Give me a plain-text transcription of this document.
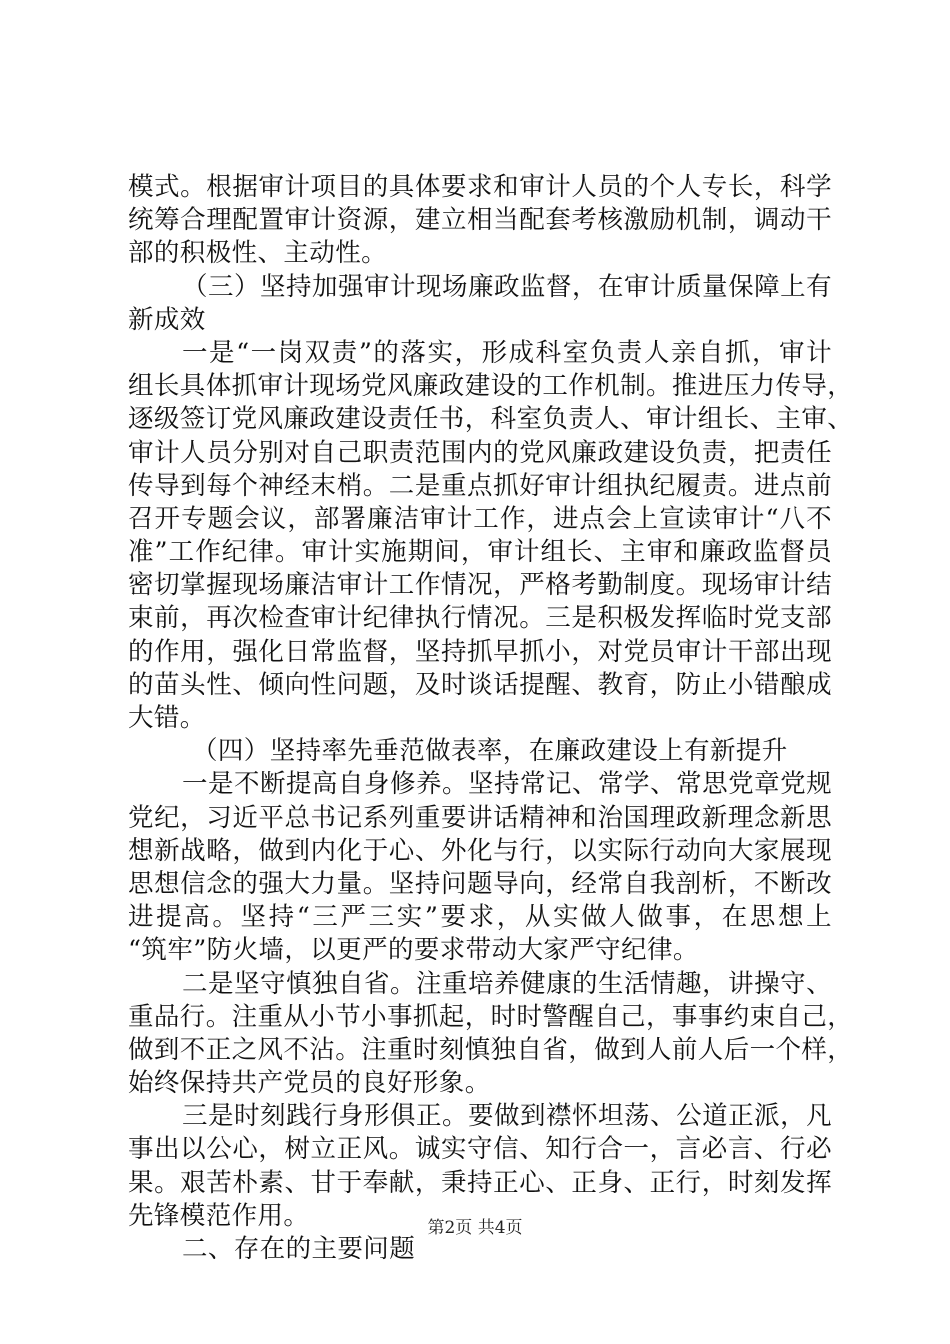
模式。根据审计项目的具体要求和审计人员的个人专长，科学
统筹合理配置审计资源，建立相当配套考核激励机制，调动干
部的积极性、主动性。
（三）坚持加强审计现场廉政监督，在审计质量保障上有
新成效
一是“一岗双责”的落实，形成科室负责人亲自抓，审计
组长具体抓审计现场党风廉政建设的工作机制。推进压力传导，
逐级签订党风廉政建设责任书，科室负责人、审计组长、主审、
审计人员分别对自己职责范围内的党风廉政建设负责，把责任
传导到每个神经末梢。二是重点抓好审计组执纪履责。进点前
召开专题会议，部署廉洁审计工作，进点会上宣读审计“八不
准”工作纪律。审计实施期间，审计组长、主审和廉政监督员
密切掌握现场廉洁审计工作情况，严格考勤制度。现场审计结
束前，再次检查审计纪律执行情况。三是积极发挥临时党支部
的作用，强化日常监督，坚持抓早抓小，对党员审计干部出现
的苗头性、倾向性问题，及时谈话提醒、教育，防止小错酿成
大错。
（四）坚持率先垂范做表率，在廉政建设上有新提升
一是不断提高自身修养。坚持常记、常学、常思党章党规
党纪，习近平总书记系列重要讲话精神和治国理政新理念新思
想新战略，做到内化于心、外化与行，以实际行动向大家展现
思想信念的强大力量。坚持问题导向，经常自我剖析，不断改
进提高。坚持“三严三实”要求，从实做人做事，在思想上
“筑牢”防火墙，以更严的要求带动大家严守纪律。
二是坚守慎独自省。注重培养健康的生活情趣，讲操守、
重品行。注重从小节小事抓起，时时警醒自己，事事约束自己，
做到不正之风不沾。注重时刻慎独自省，做到人前人后一个样，
始终保持共产党员的良好形象。
三是时刻践行身形俱正。要做到襟怀坦荡、公道正派，凡
事出以公心，树立正风。诚实守信、知行合一，言必言、行必
果。艰苦朴素、甘于奉献，秉持正心、正身、正行，时刻发挥
先锋模范作用。
二、存在的主要问题
第2页 共4页
